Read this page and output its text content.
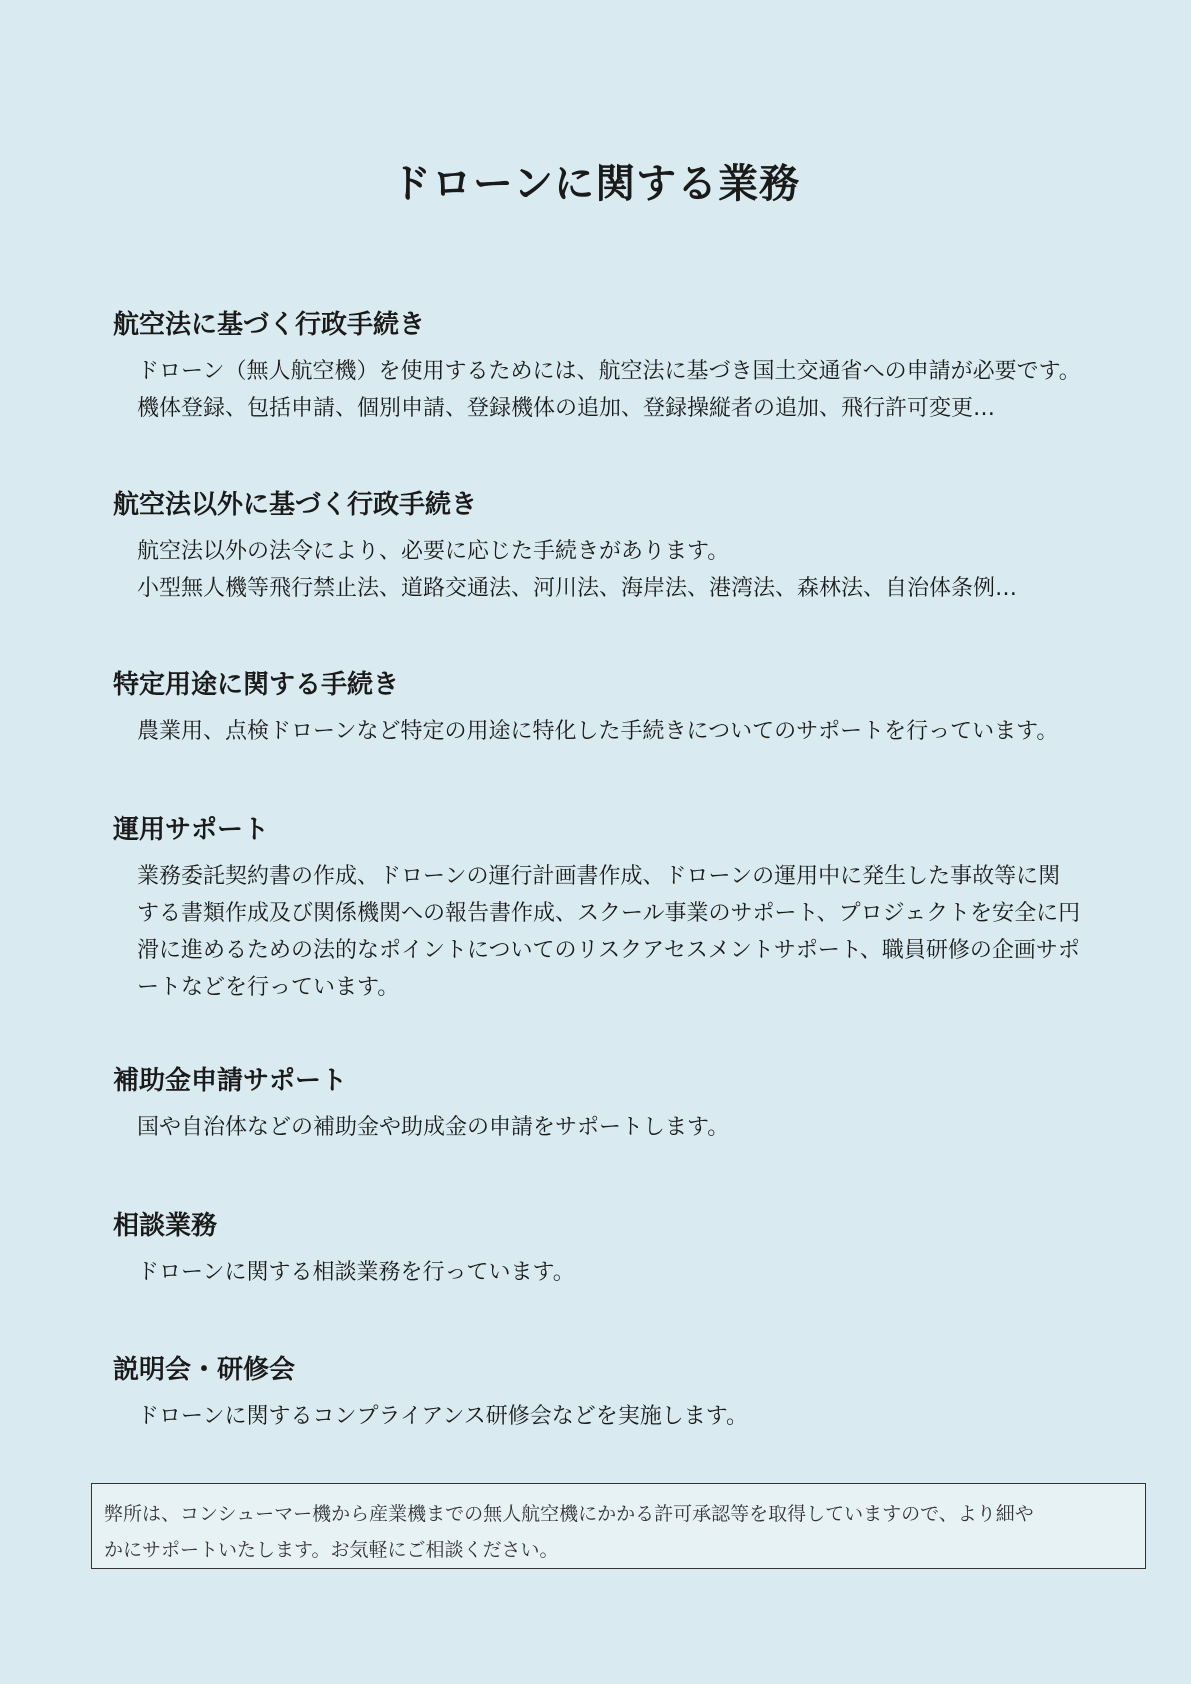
ドローンに関する業務
航空法に基づく行政手続き

ドローン（無人航空機）を使用するためには、航空法に基づき国土交通省への申請が必要です。
機体登録、包括申請、個別申請、登録機体の追加、登録操縦者の追加、飛行許可変更…

航空法以外に基づく行政手続き

航空法以外の法令により、必要に応じた手続きがあります。
小型無人機等飛行禁止法、道路交通法、河川法、海岸法、港湾法、森林法、自治体条例…

特定用途に関する手続き

農業用、点検ドローンなど特定の用途に特化した手続きについてのサポートを行っています。

運用サポート

業務委託契約書の作成、ドローンの運行計画書作成、ドローンの運用中に発生した事故等に関
する書類作成及び関係機関への報告書作成、スクール事業のサポート、プロジェクトを安全に円
滑に進めるための法的なポイントについてのリスクアセスメントサポート、職員研修の企画サポ
ートなどを行っています。

補助金申請サポート

国や自治体などの補助金や助成金の申請をサポートします。

相談業務

ドローンに関する相談業務を行っています。

説明会・研修会

ドローンに関するコンプライアンス研修会などを実施します。

弊所は、コンシューマー機から産業機までの無人航空機にかかる許可承認等を取得していますので、より細や
かにサポートいたします。お気軽にご相談ください。
